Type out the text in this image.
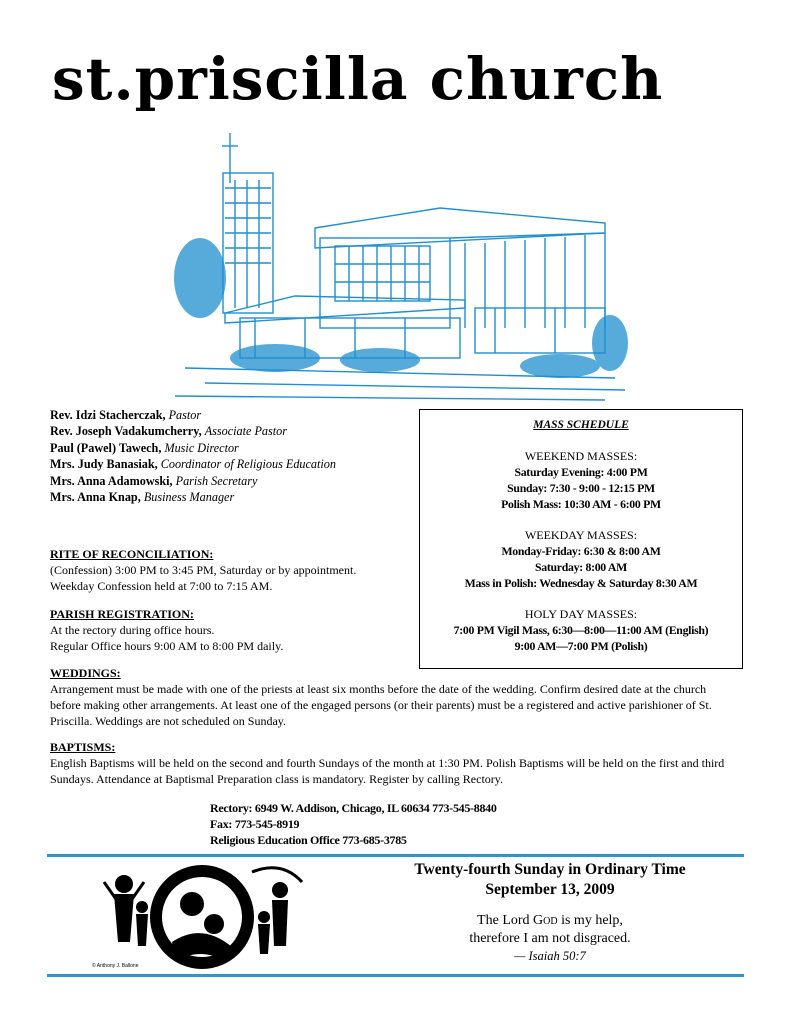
st.priscilla church
Rev. Idzi Stacherczak, Pastor
Rev. Joseph Vadakumcherry, Associate Pastor
Paul (Pawel) Tawech, Music Director
Mrs. Judy Banasiak, Coordinator of Religious Education
Mrs. Anna Adamowski, Parish Secretary
Mrs. Anna Knap, Business Manager
MASS SCHEDULE
WEEKEND MASSES:
Saturday Evening: 4:00 PM
Sunday: 7:30 - 9:00 - 12:15 PM
Polish Mass: 10:30 AM - 6:00 PM
WEEKDAY MASSES:
Monday-Friday: 6:30 & 8:00 AM
Saturday: 8:00 AM
Mass in Polish: Wednesday & Saturday 8:30 AM
HOLY DAY MASSES:
7:00 PM Vigil Mass, 6:30—8:00—11:00 AM (English)
9:00 AM—7:00 PM (Polish)
RITE OF RECONCILIATION:
(Confession) 3:00 PM to 3:45 PM, Saturday or by appointment.
Weekday Confession held at 7:00 to 7:15 AM.
PARISH REGISTRATION:
At the rectory during office hours.
Regular Office hours 9:00 AM to 8:00 PM daily.
WEDDINGS:
Arrangement must be made with one of the priests at least six months before the date of the wedding. Confirm desired date at the church
before making other arrangements. At least one of the engaged persons (or their parents) must be a registered and active parishioner of St.
Priscilla. Weddings are not scheduled on Sunday.
BAPTISMS:
English Baptisms will be held on the second and fourth Sundays of the month at 1:30 PM. Polish Baptisms will be held on the first and third
Sundays. Attendance at Baptismal Preparation class is mandatory. Register by calling Rectory.
Rectory: 6949 W. Addison, Chicago, IL 60634 773-545-8840
Fax: 773-545-8919
Religious Education Office 773-685-3785
© Anthony J. Ballone
Twenty-fourth Sunday in Ordinary Time
September 13, 2009
The Lord God is my help,
therefore I am not disgraced.
— Isaiah 50:7
